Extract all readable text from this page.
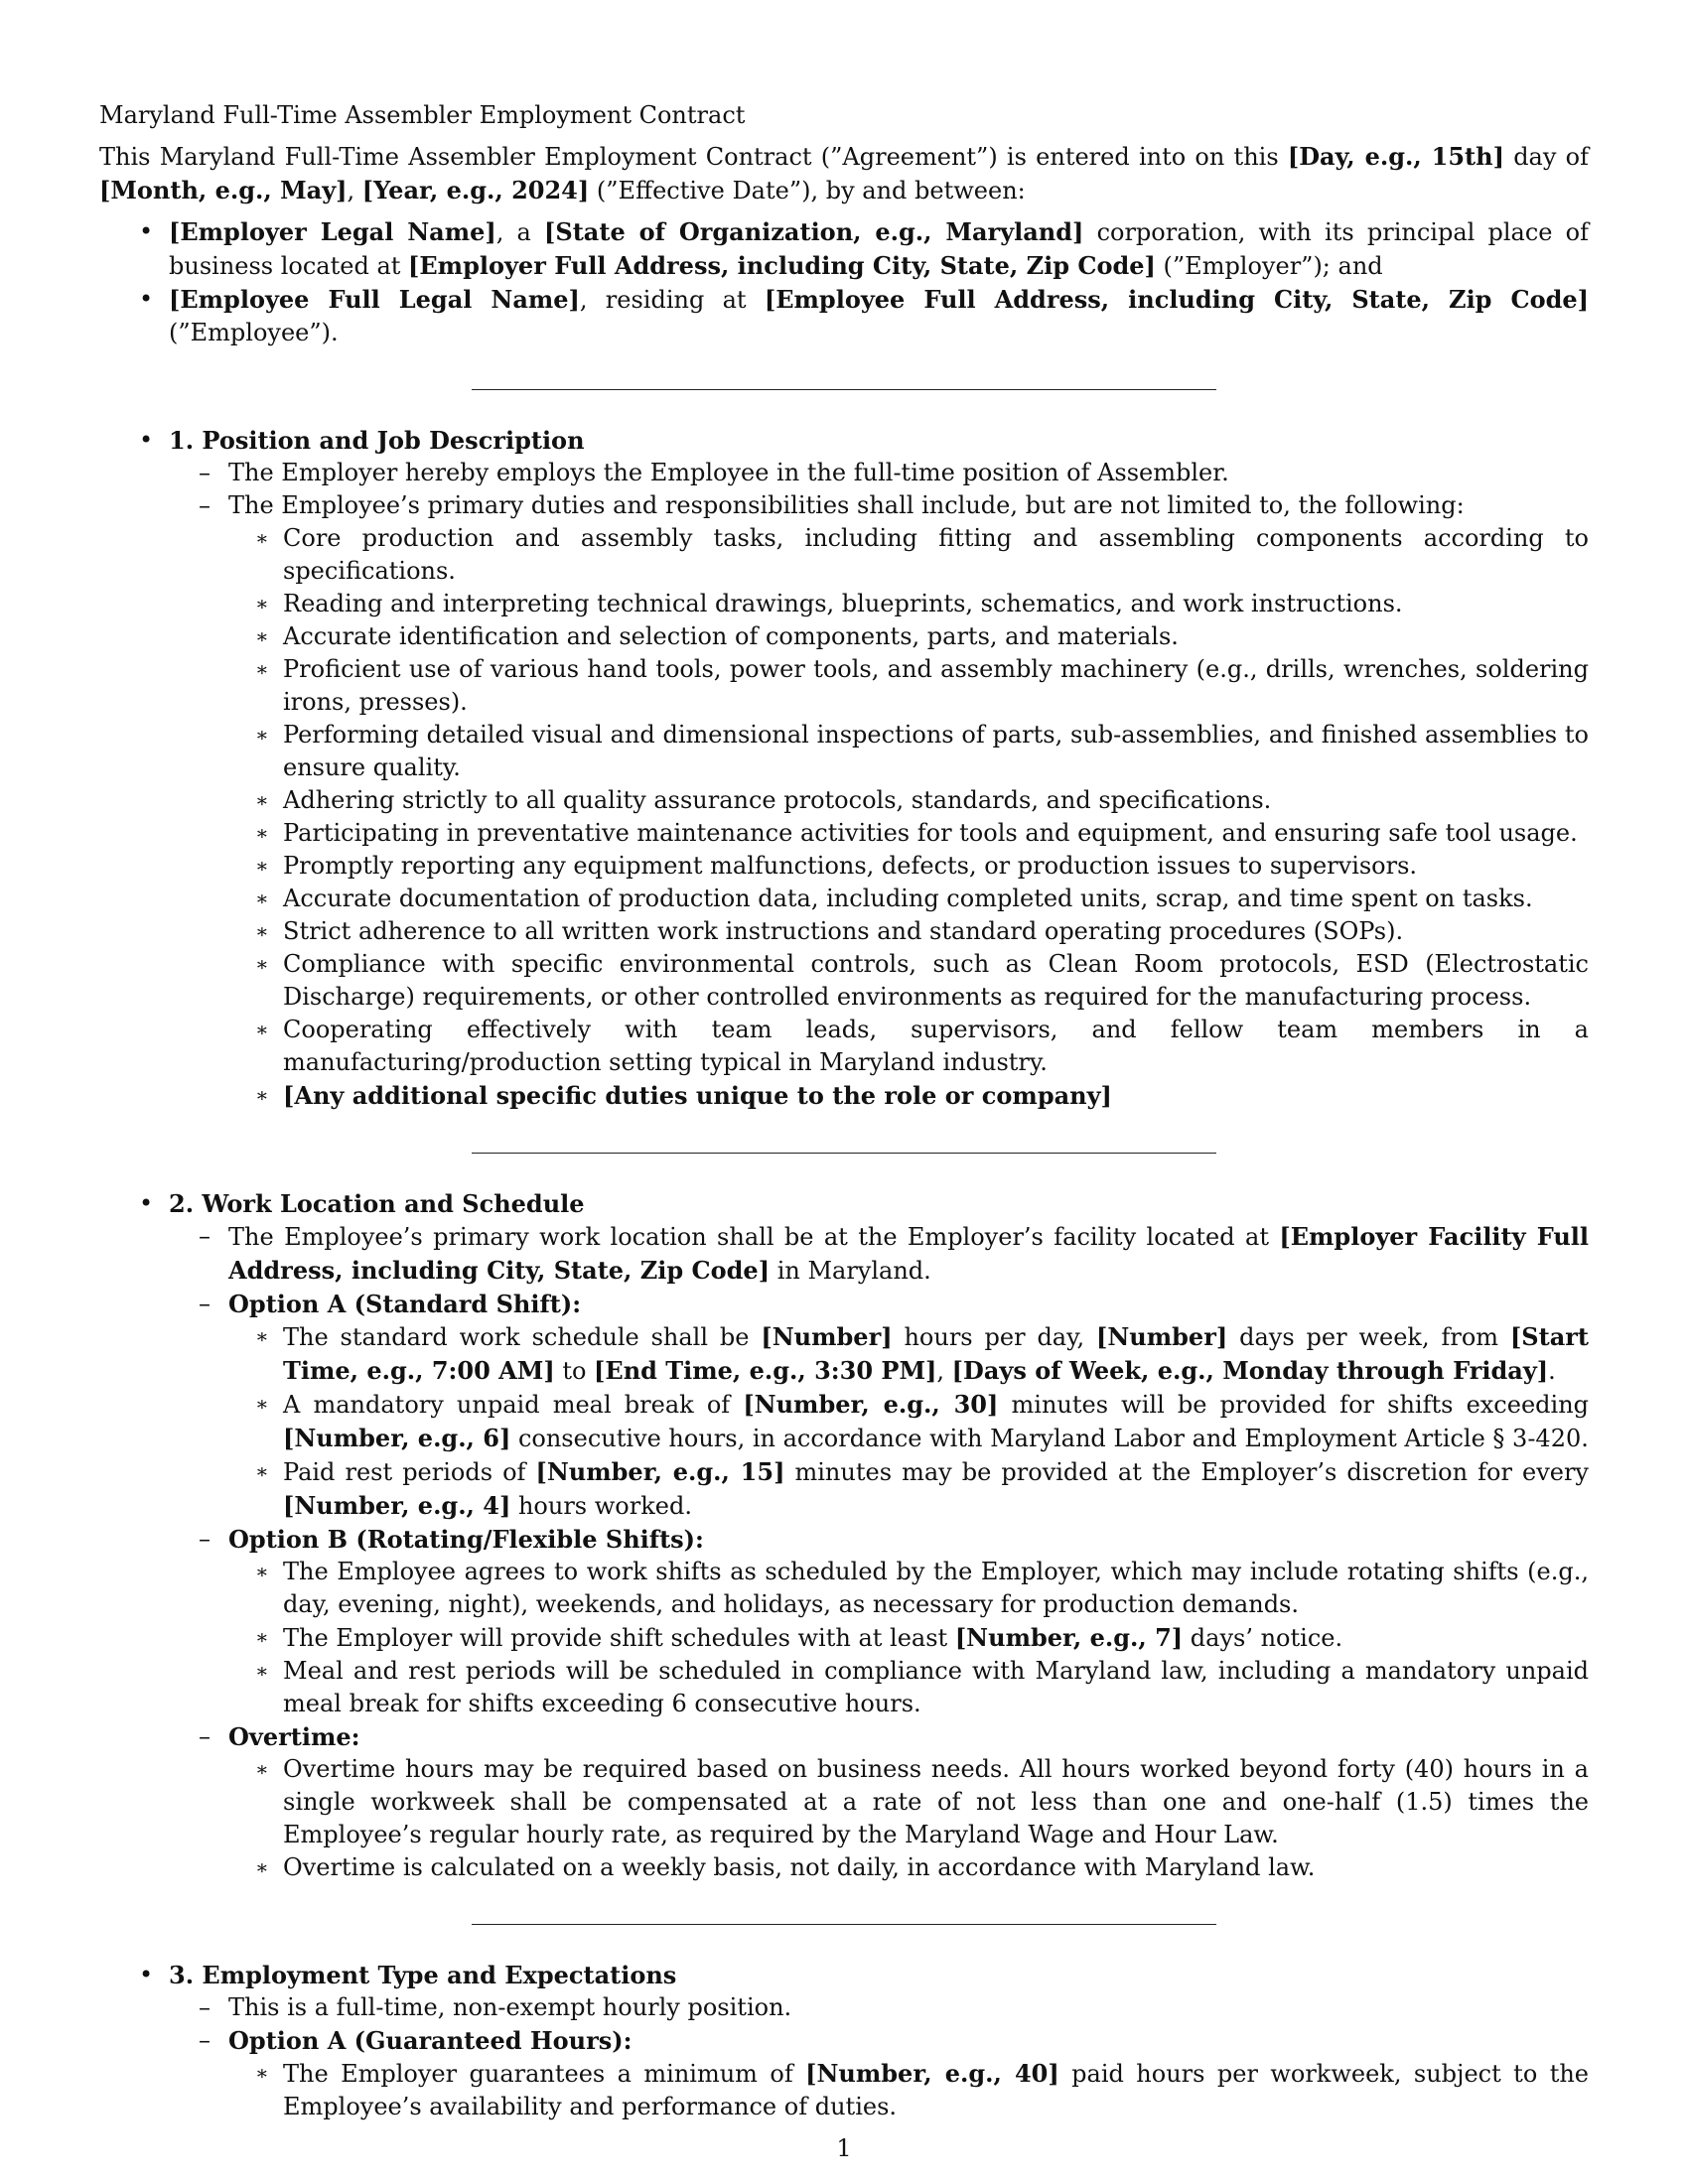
Maryland Full-Time Assembler Employment Contract
This Maryland Full-Time Assembler Employment Contract (”Agreement”) is entered into on this [Day, e.g., 15th] day of [Month, e.g., May], [Year, e.g., 2024] (”Effective Date”), by and between:
• [Employer Legal Name], a [State of Organization, e.g., Maryland] corporation, with its principal place of business located at [Employer Full Address, including City, State, Zip Code] (”Employer”); and
• [Employee Full Legal Name], residing at [Employee Full Address, including City, State, Zip Code] (”Employee”).
• 1. Position and Job Description
– The Employer hereby employs the Employee in the full-time position of Assembler.
– The Employee’s primary duties and responsibilities shall include, but are not limited to, the following:
∗ Core production and assembly tasks, including fitting and assembling components according to specifications.
∗ Reading and interpreting technical drawings, blueprints, schematics, and work instructions.
∗ Accurate identification and selection of components, parts, and materials.
∗ Proficient use of various hand tools, power tools, and assembly machinery (e.g., drills, wrenches, soldering irons, presses).
∗ Performing detailed visual and dimensional inspections of parts, sub-assemblies, and finished assemblies to ensure quality.
∗ Adhering strictly to all quality assurance protocols, standards, and specifications.
∗ Participating in preventative maintenance activities for tools and equipment, and ensuring safe tool usage.
∗ Promptly reporting any equipment malfunctions, defects, or production issues to supervisors.
∗ Accurate documentation of production data, including completed units, scrap, and time spent on tasks.
∗ Strict adherence to all written work instructions and standard operating procedures (SOPs).
∗ Compliance with specific environmental controls, such as Clean Room protocols, ESD (Electrostatic Discharge) requirements, or other controlled environments as required for the manufacturing process.
∗ Cooperating effectively with team leads, supervisors, and fellow team members in a manufacturing/production setting typical in Maryland industry.
∗ [Any additional specific duties unique to the role or company]
• 2. Work Location and Schedule
– The Employee’s primary work location shall be at the Employer’s facility located at [Employer Facility Full Address, including City, State, Zip Code] in Maryland.
– Option A (Standard Shift):
∗ The standard work schedule shall be [Number] hours per day, [Number] days per week, from [Start Time, e.g., 7:00 AM] to [End Time, e.g., 3:30 PM], [Days of Week, e.g., Monday through Friday].
∗ A mandatory unpaid meal break of [Number, e.g., 30] minutes will be provided for shifts exceeding [Number, e.g., 6] consecutive hours, in accordance with Maryland Labor and Employment Article § 3-420.
∗ Paid rest periods of [Number, e.g., 15] minutes may be provided at the Employer’s discretion for every [Number, e.g., 4] hours worked.
– Option B (Rotating/Flexible Shifts):
∗ The Employee agrees to work shifts as scheduled by the Employer, which may include rotating shifts (e.g., day, evening, night), weekends, and holidays, as necessary for production demands.
∗ The Employer will provide shift schedules with at least [Number, e.g., 7] days’ notice.
∗ Meal and rest periods will be scheduled in compliance with Maryland law, including a mandatory unpaid meal break for shifts exceeding 6 consecutive hours.
– Overtime:
∗ Overtime hours may be required based on business needs. All hours worked beyond forty (40) hours in a single workweek shall be compensated at a rate of not less than one and one-half (1.5) times the Employee’s regular hourly rate, as required by the Maryland Wage and Hour Law.
∗ Overtime is calculated on a weekly basis, not daily, in accordance with Maryland law.
• 3. Employment Type and Expectations
– This is a full-time, non-exempt hourly position.
– Option A (Guaranteed Hours):
∗ The Employer guarantees a minimum of [Number, e.g., 40] paid hours per workweek, subject to the Employee’s availability and performance of duties.
1
